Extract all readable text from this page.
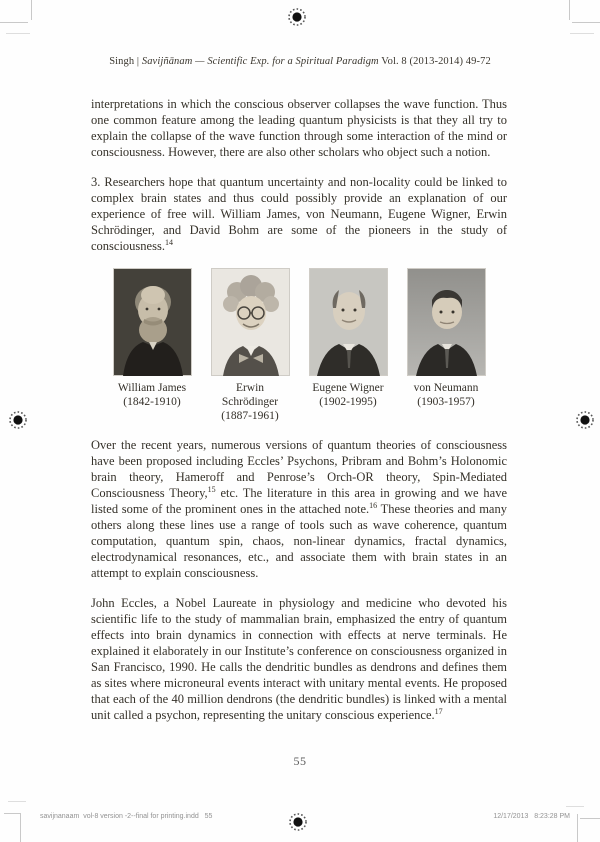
Singh | Savijñānam — Scientific Exp. for a Spiritual Paradigm Vol. 8 (2013-2014) 49-72

interpretations in which the conscious observer collapses the wave function. Thus one common feature among the leading quantum physicists is that they all try to explain the collapse of the wave function through some interaction of the mind or consciousness. However, there are also other scholars who object such a notion.

3. Researchers hope that quantum uncertainty and non-locality could be linked to complex brain states and thus could possibly provide an explanation of our experience of free will. William James, von Neumann, Eugene Wigner, Erwin Schrödinger, and David Bohm are some of the pioneers in the study of consciousness.$^{14}$

William James
(1842-1910)
Erwin Schrödinger
(1887-1961)
Eugene Wigner
(1902-1995)
von Neumann
(1903-1957)

Over the recent years, numerous versions of quantum theories of consciousness have been proposed including Eccles’ Psychons, Pribram and Bohm’s Holonomic brain theory, Hameroff and Penrose’s Orch-OR theory, Spin-Mediated Consciousness Theory,$^{15}$ etc. The literature in this area in growing and we have listed some of the prominent ones in the attached note.$^{16}$ These theories and many others along these lines use a range of tools such as wave coherence, quantum computation, quantum spin, chaos, non-linear dynamics, fractal dynamics, electrodynamical resonances, etc., and associate them with brain states in an attempt to explain consciousness.

John Eccles, a Nobel Laureate in physiology and medicine who devoted his scientific life to the study of mammalian brain, emphasized the entry of quantum effects into brain dynamics in connection with effects at nerve terminals. He explained it elaborately in our Institute’s conference on consciousness organized in San Francisco, 1990. He calls the dendritic bundles as dendrons and defines them as sites where microneural events interact with unitary mental events. He proposed that each of the 40 million dendrons (the dendritic bundles) is linked with a mental unit called a psychon, representing the unitary conscious experience.$^{17}$

55
savijnanaam  vol-8 version -2--final for printing.indd   55	12/17/2013   8:23:28 PM
